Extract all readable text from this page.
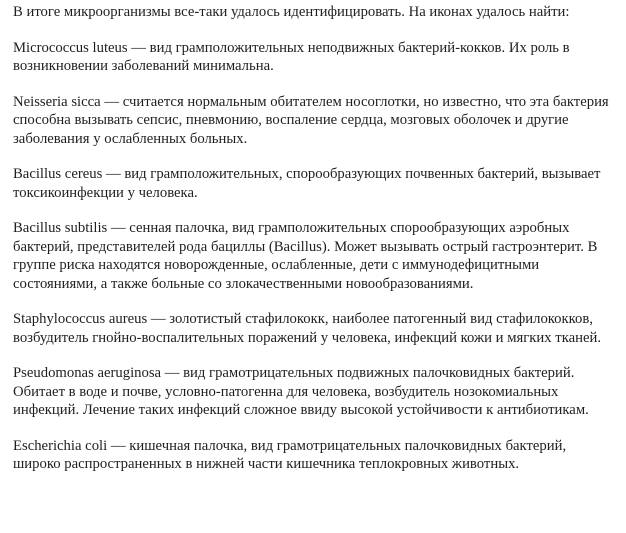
В итоге микроорганизмы все-таки удалось идентифицировать. На иконах удалось найти:

Micrococcus luteus — вид грамположительных неподвижных бактерий-кокков. Их роль в возникновении заболеваний минимальна.

Neisseria sicca — считается нормальным обитателем носоглотки, но известно, что эта бактерия способна вызывать сепсис, пневмонию, воспаление сердца, мозговых оболочек и другие заболевания у ослабленных больных.

Bacillus cereus — вид грамположительных, спорообразующих почвенных бактерий, вызывает токсикоинфекции у человека.

Bacillus subtilis — сенная палочка, вид грамположительных спорообразующих аэробных бактерий, представителей рода бациллы (Bacillus). Может вызывать острый гастроэнтерит. В группе риска находятся новорожденные, ослабленные, дети с иммунодефицитными состояниями, а также больные со злокачественными новообразованиями.

Staphylococcus aureus — золотистый стафилококк, наиболее патогенный вид стафилококков, возбудитель гнойно-воспалительных поражений у человека, инфекций кожи и мягких тканей.

Pseudomonas aeruginosa — вид грамотрицательных подвижных палочковидных бактерий. Обитает в воде и почве, условно-патогенна для человека, возбудитель нозокомиальных инфекций. Лечение таких инфекций сложное ввиду высокой устойчивости к антибиотикам.

Escherichia coli — кишечная палочка, вид грамотрицательных палочковидных бактерий, широко распространенных в нижней части кишечника теплокровных животных.
